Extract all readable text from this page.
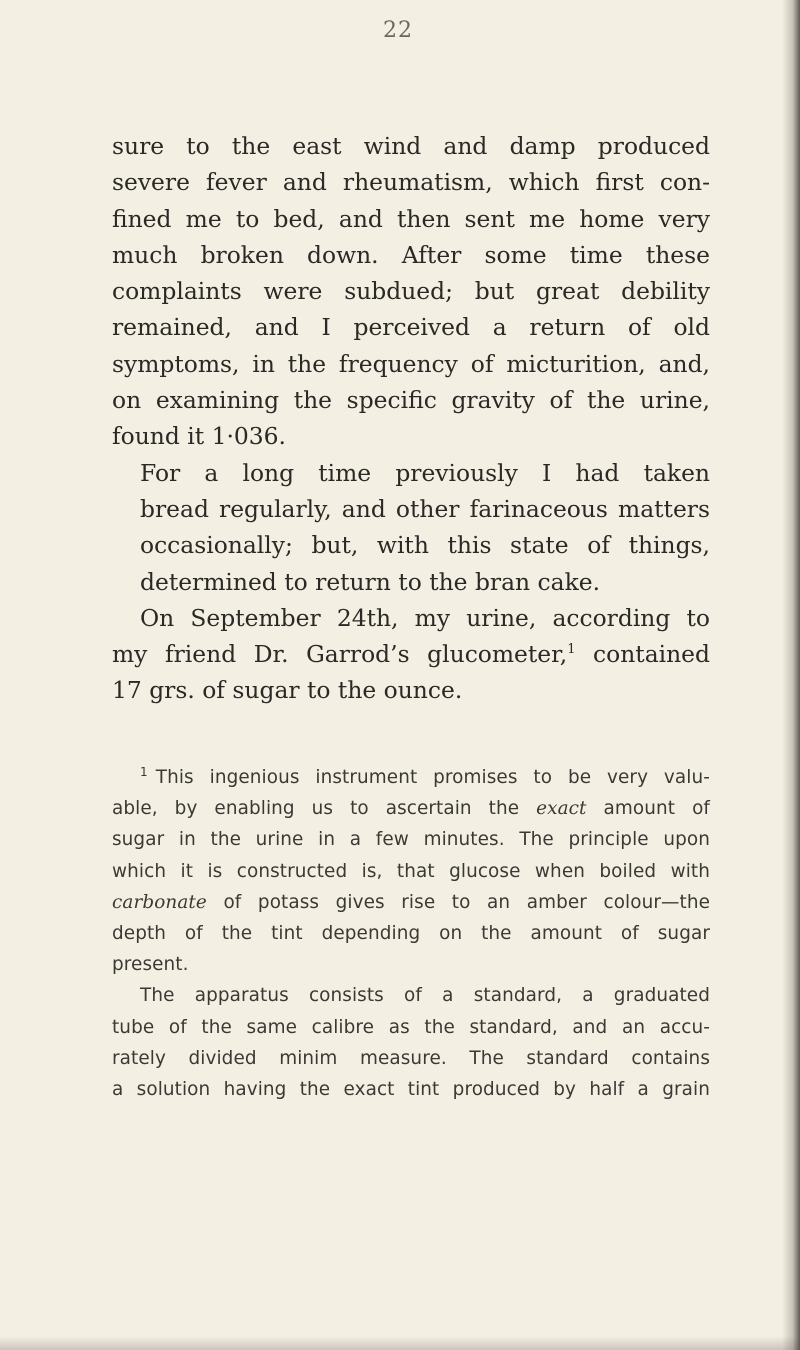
22

sure to the east wind and damp produced
severe fever and rheumatism, which first con-
fined me to bed, and then sent me home very
much broken down. After some time these
complaints were subdued; but great debility
remained, and I perceived a return of old
symptoms, in the frequency of micturition, and,
on examining the specific gravity of the urine,
found it 1·036.

For a long time previously I had taken
bread regularly, and other farinaceous matters
occasionally; but, with this state of things,
determined to return to the bran cake.

On September 24th, my urine, according to
my friend Dr. Garrod’s glucometer,$^1$ contained
17 grs. of sugar to the ounce.

$^1$ This ingenious instrument promises to be very valu-
able, by enabling us to ascertain the exact amount of
sugar in the urine in a few minutes. The principle upon
which it is constructed is, that glucose when boiled with
carbonate of potass gives rise to an amber colour—the
depth of the tint depending on the amount of sugar
present.

The apparatus consists of a standard, a graduated
tube of the same calibre as the standard, and an accu-
rately divided minim measure. The standard contains
a solution having the exact tint produced by half a grain
